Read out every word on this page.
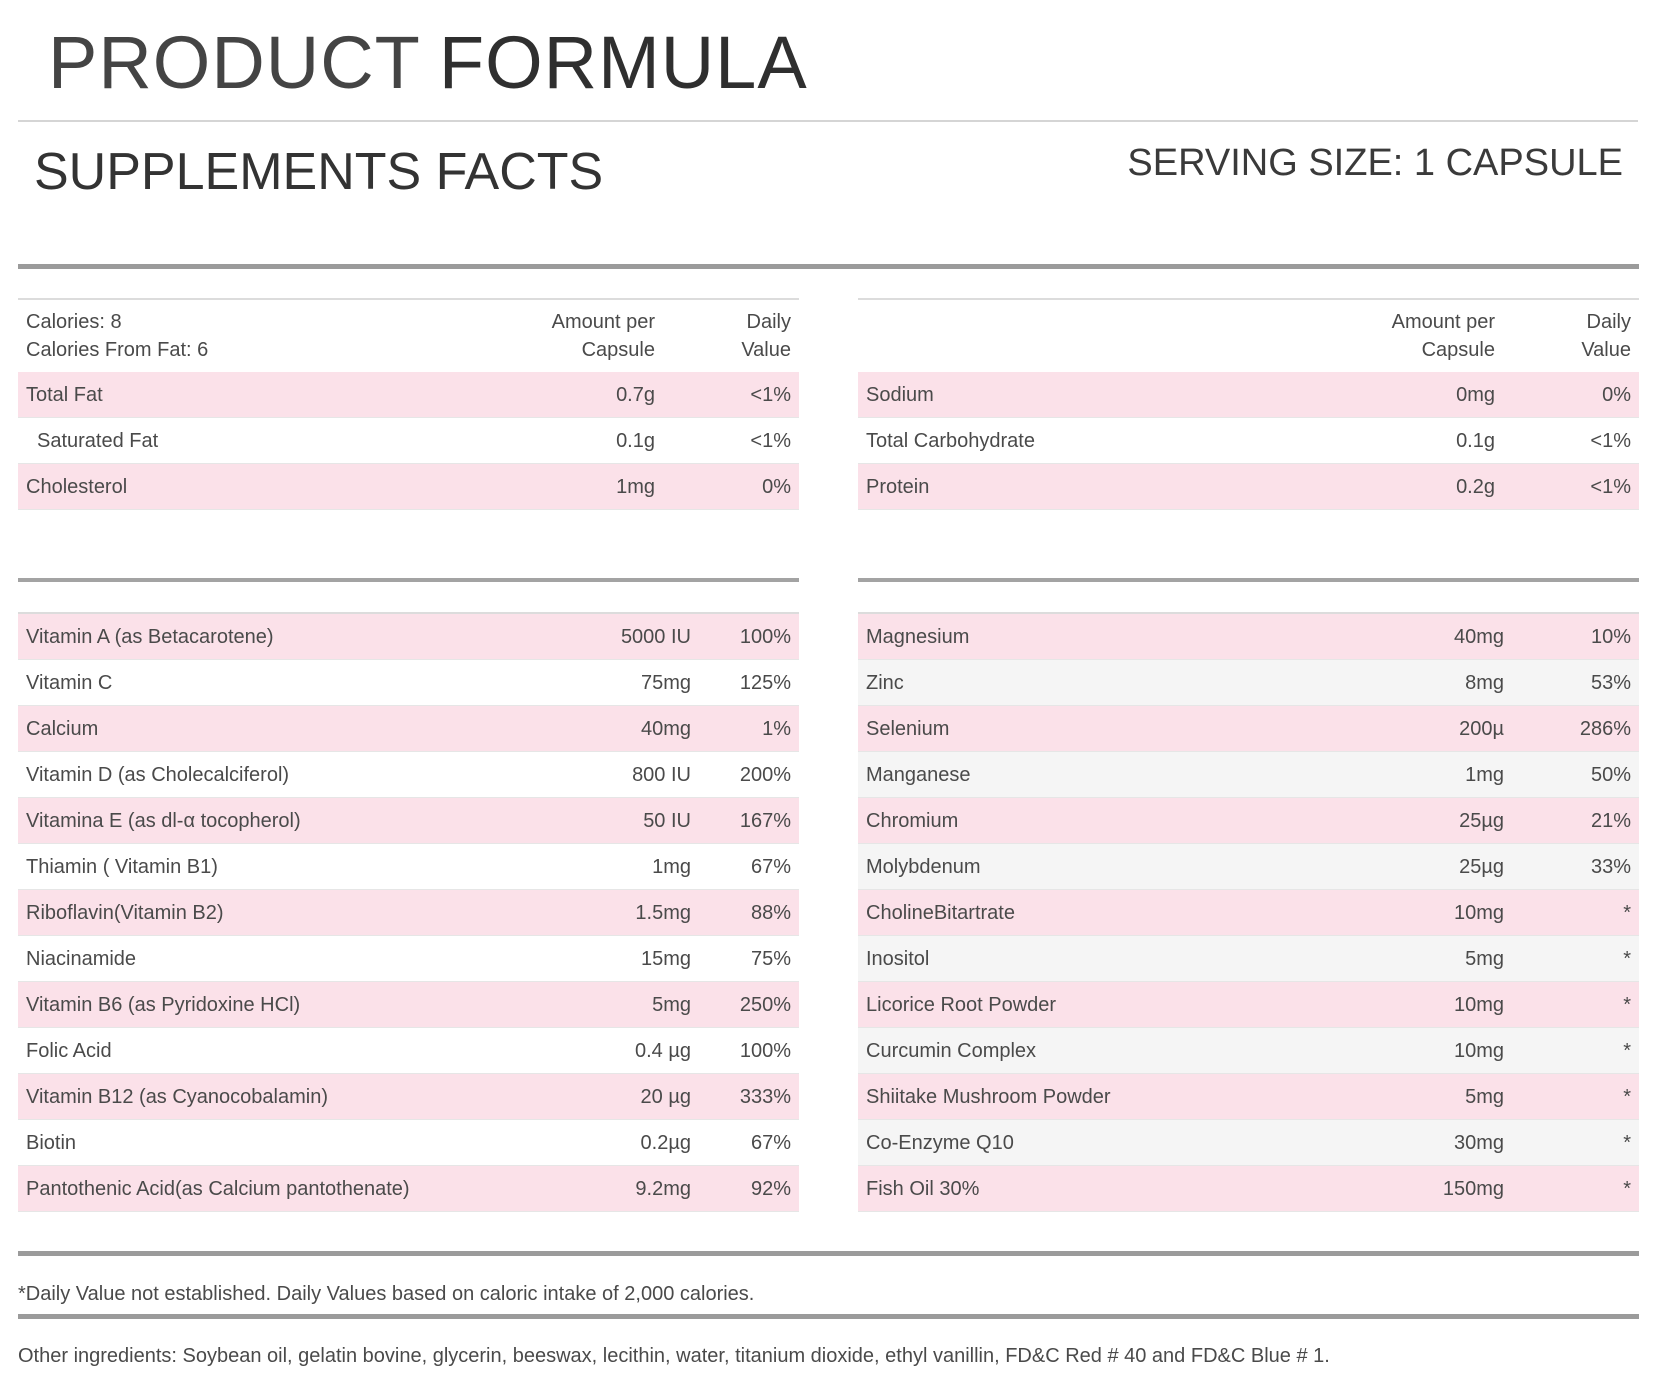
PRODUCT FORMULA
SUPPLEMENTS FACTS	SERVING SIZE: 1 CAPSULE
Calories: 8
Calories From Fat: 6
Amount per
Capsule
Daily
Value
Total Fat	0.7g	<1%
Saturated Fat	0.1g	<1%
Cholesterol	1mg	0%
Amount per
Capsule
Daily
Value
Sodium	0mg	0%
Total Carbohydrate	0.1g	<1%
Protein	0.2g	<1%
Vitamin A (as Betacarotene)	5000 IU 100%
Vitamin C	75mg 125%
Calcium	40mg	1%
Vitamin D (as Cholecalciferol)	800 IU 200%
Vitamina E (as dl-α tocopherol)	50 IU 167%
Thiamin ( Vitamin B1)	1mg	67%
Riboflavin(Vitamin B2)	1.5mg	88%
Niacinamide	15mg	75%
Vitamin B6 (as Pyridoxine HCl)	5mg 250%
Folic Acid	0.4 µg 100%
Vitamin B12 (as Cyanocobalamin)	20 µg 333%
Biotin	0.2µg	67%
Pantothenic Acid(as Calcium pantothenate)	9.2mg	92%
Magnesium	40mg	10%
Zinc	8mg	53%
Selenium	200µ	286%
Manganese	1mg	50%
Chromium	25µg	21%
Molybdenum	25µg	33%
CholineBitartrate	10mg	*
Inositol	5mg	*
Licorice Root Powder	10mg	*
Curcumin Complex	10mg	*
Shiitake Mushroom Powder	5mg	*
Co-Enzyme Q10	30mg	*
Fish Oil 30%	150mg	*
*Daily Value not established. Daily Values based on caloric intake of 2,000 calories.
Other ingredients: Soybean oil, gelatin bovine, glycerin, beeswax, lecithin, water, titanium dioxide, ethyl vanillin, FD&C Red # 40 and FD&C Blue # 1.
